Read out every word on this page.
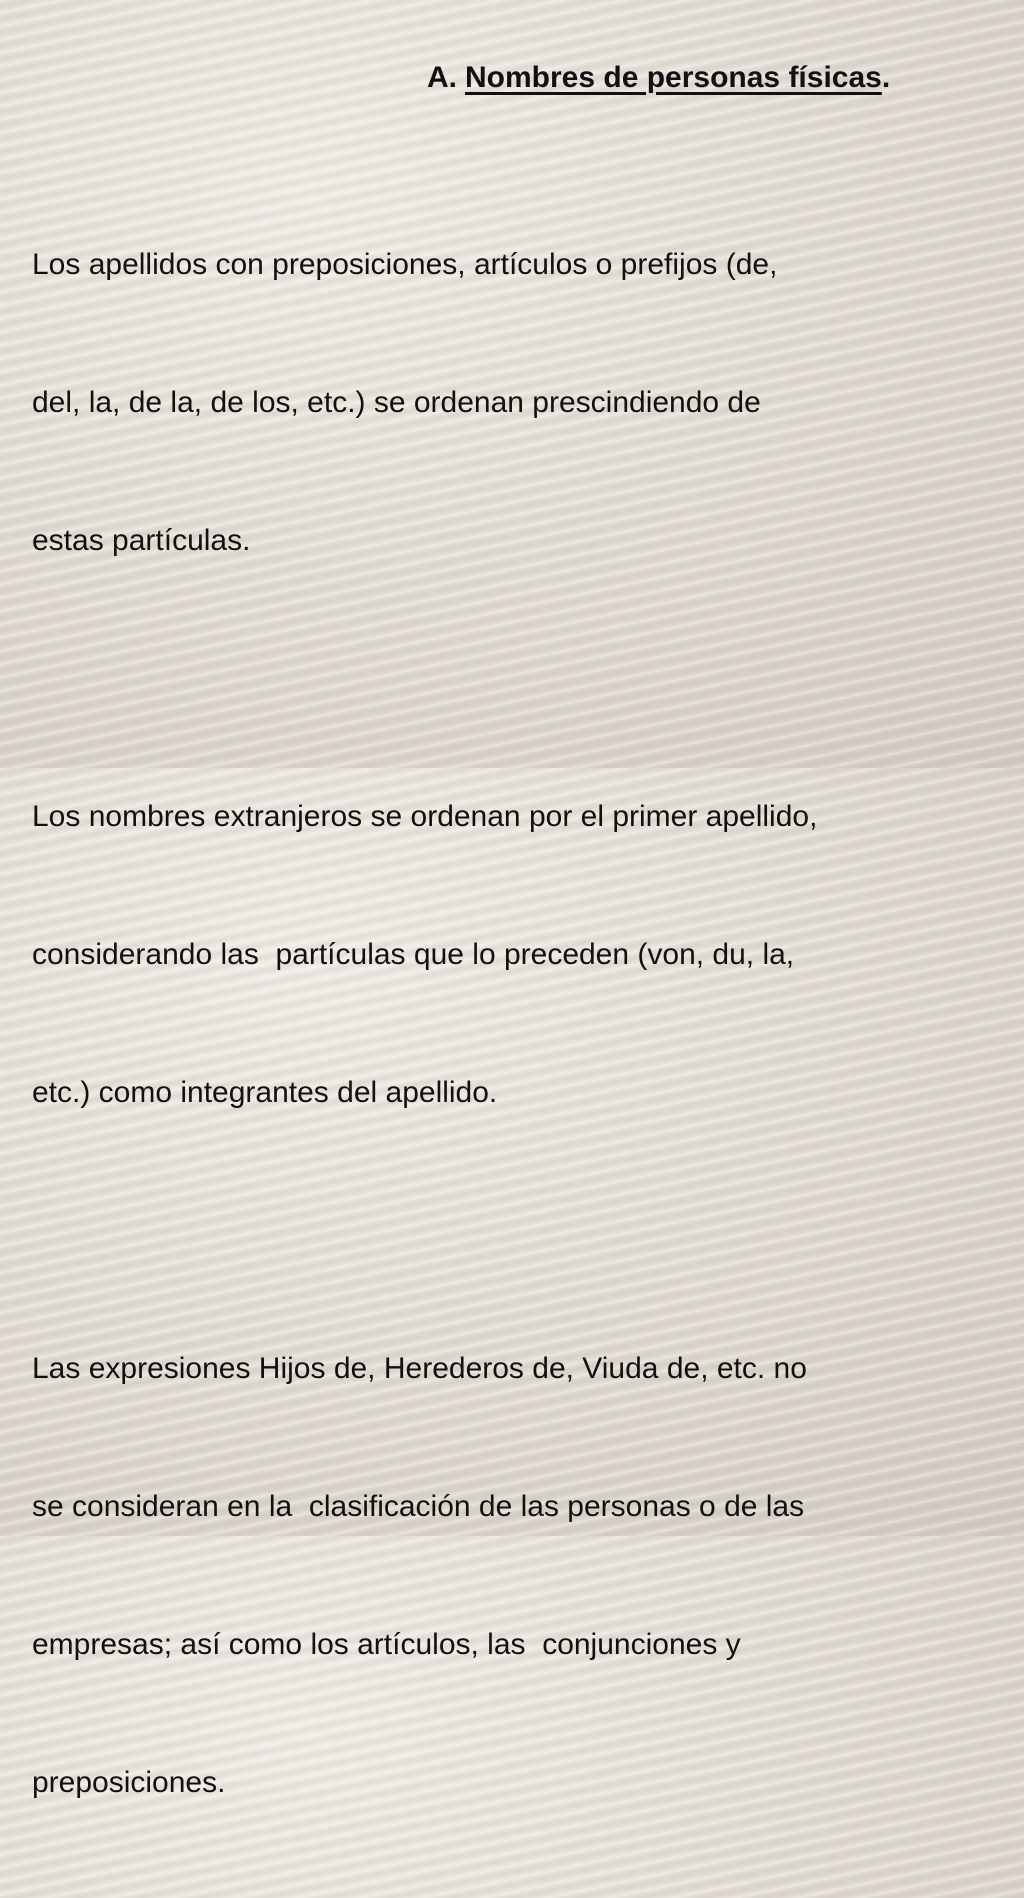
A. Nombres de personas físicas.

Los apellidos con preposiciones, artículos o prefijos (de,

del, la, de la, de los, etc.) se ordenan prescindiendo de

estas partículas.

Los nombres extranjeros se ordenan por el primer apellido,

considerando las  partículas que lo preceden (von, du, la,

etc.) como integrantes del apellido.

Las expresiones Hijos de, Herederos de, Viuda de, etc. no

se consideran en la  clasificación de las personas o de las

empresas; así como los artículos, las  conjunciones y

preposiciones.
